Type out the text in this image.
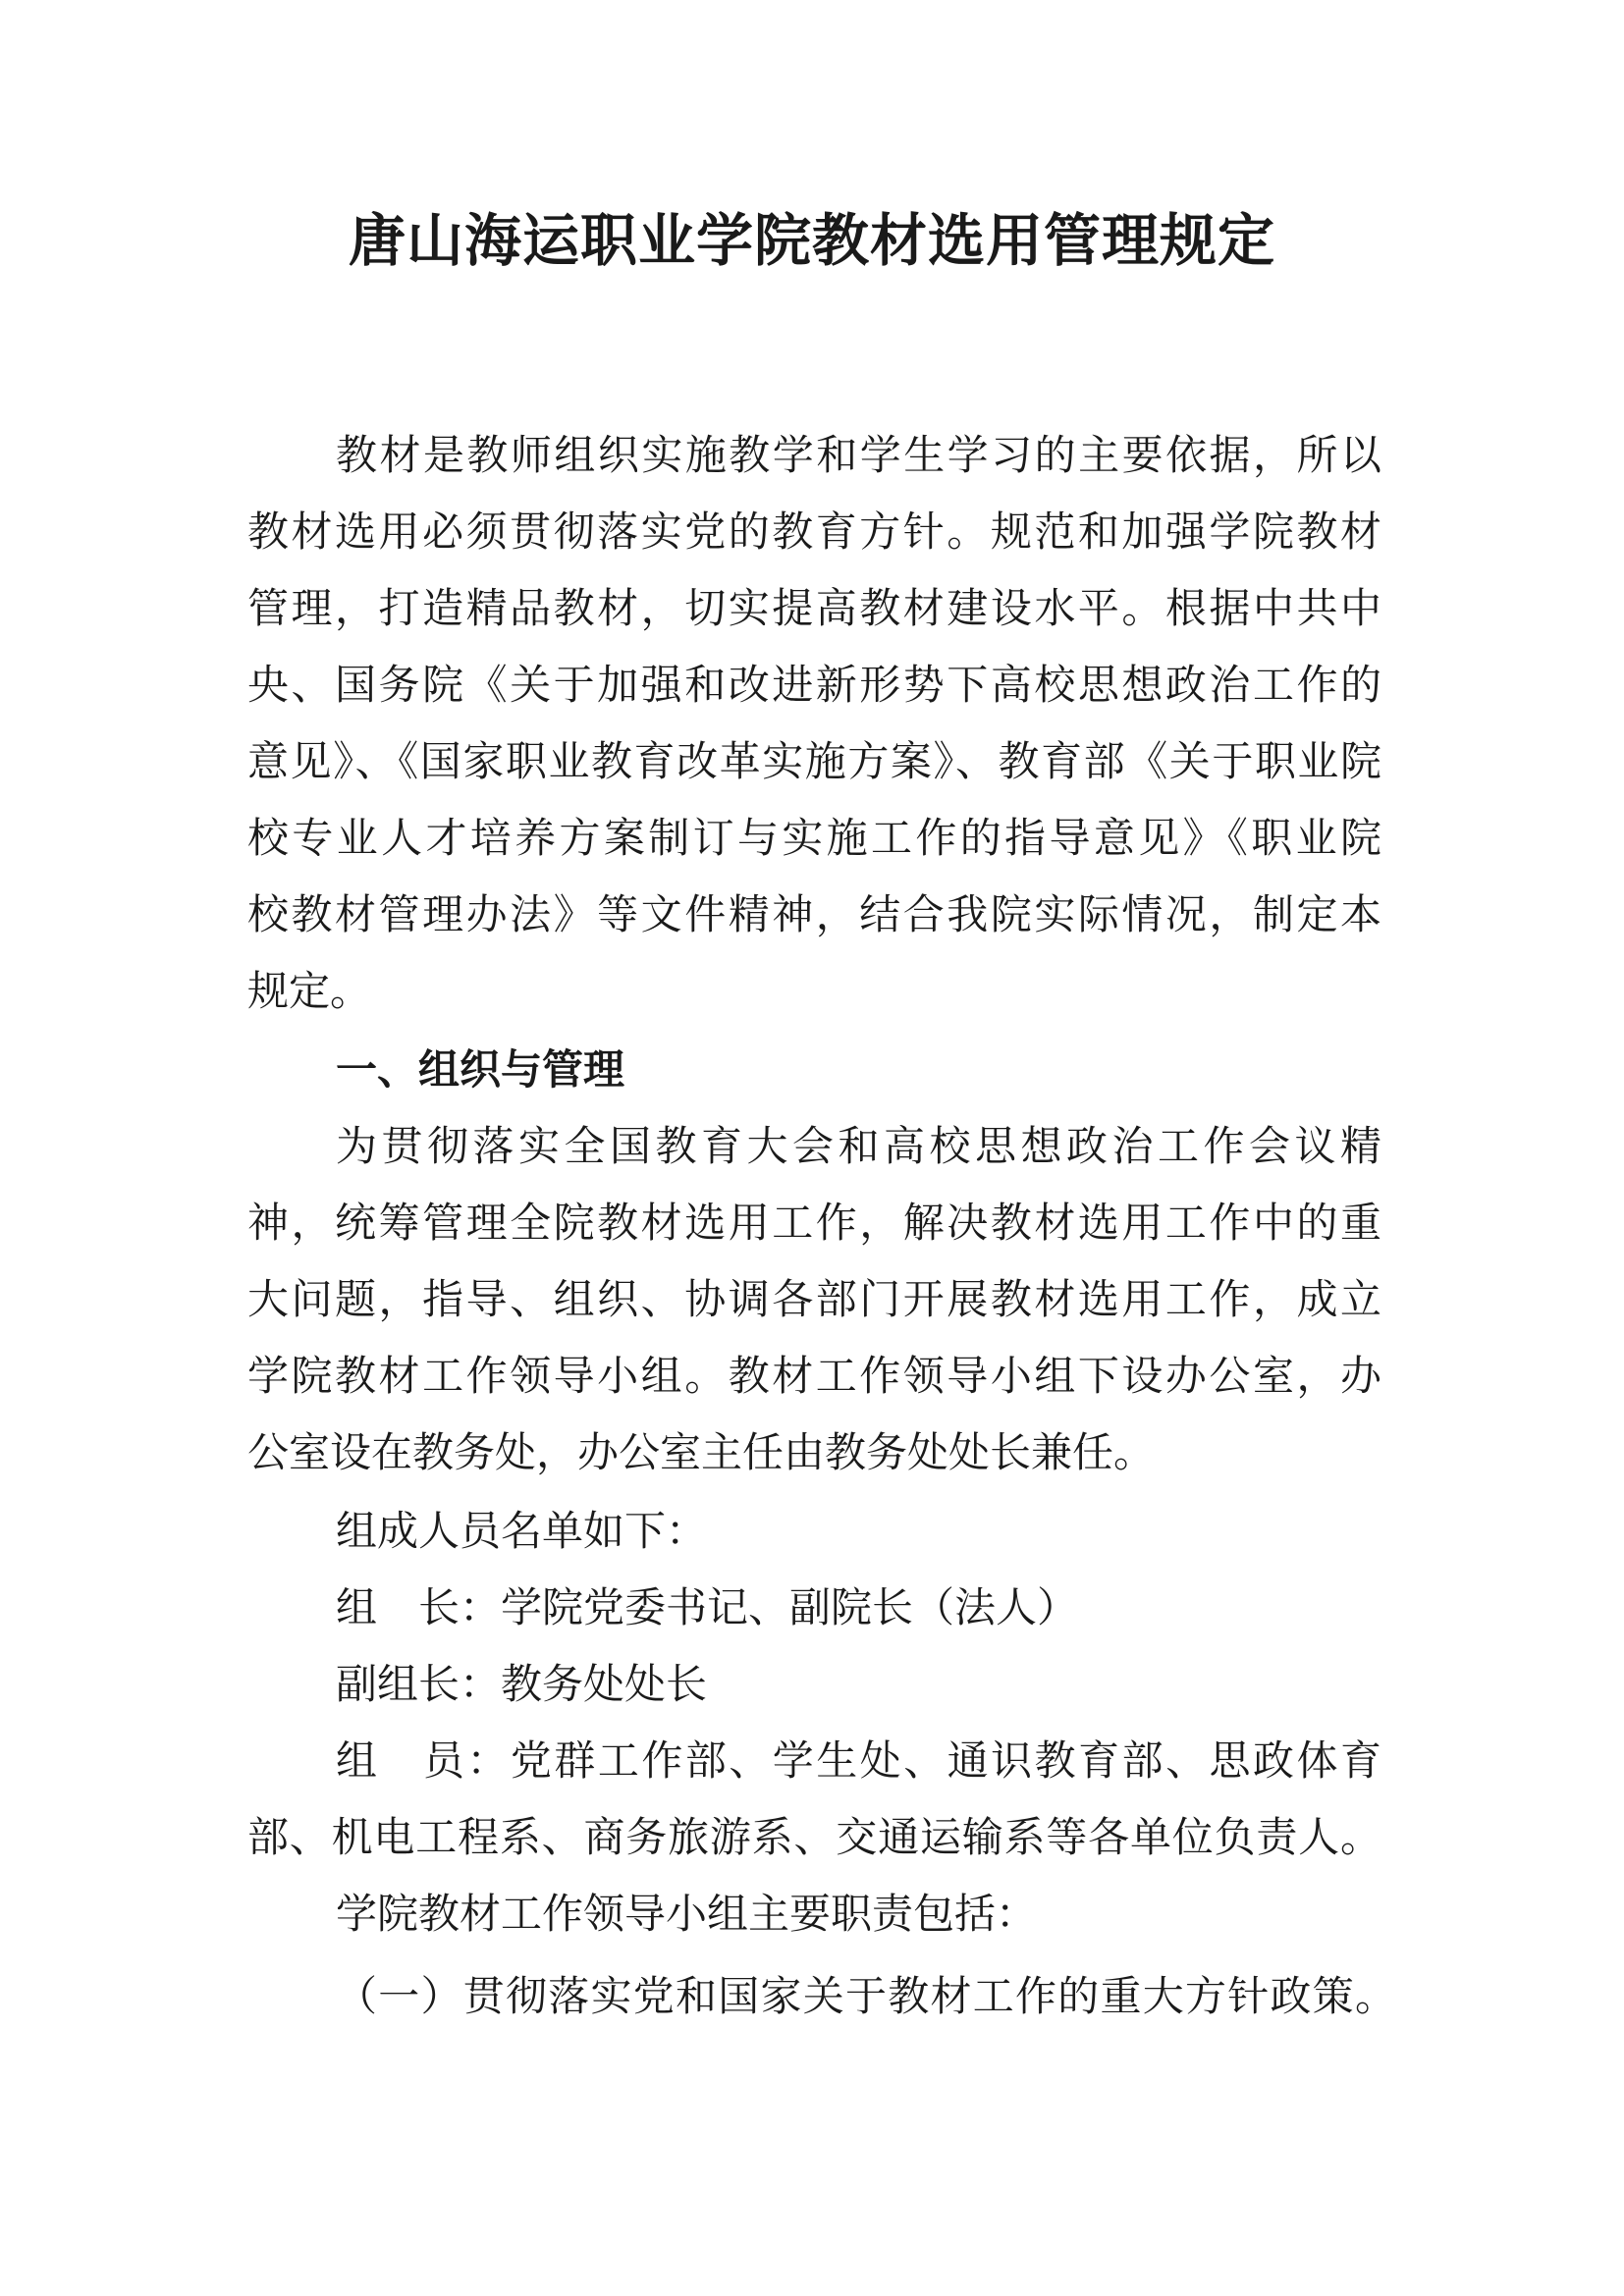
唐山海运职业学院教材选用管理规定
教材是教师组织实施教学和学生学习的主要依据，所以
教材选用必须贯彻落实党的教育方针。规范和加强学院教材
管理，打造精品教材，切实提高教材建设水平。根据中共中
央、国务院《关于加强和改进新形势下高校思想政治工作的
意见》、《国家职业教育改革实施方案》、教育部《关于职业院
校专业人才培养方案制订与实施工作的指导意见》《职业院
校教材管理办法》等文件精神，结合我院实际情况，制定本
规定。
一、组织与管理
为贯彻落实全国教育大会和高校思想政治工作会议精
神，统筹管理全院教材选用工作，解决教材选用工作中的重
大问题，指导、组织、协调各部门开展教材选用工作，成立
学院教材工作领导小组。教材工作领导小组下设办公室，办
公室设在教务处，办公室主任由教务处处长兼任。
组成人员名单如下：
组　长：学院党委书记、副院长（法人）
副组长：教务处处长
组　员：党群工作部、学生处、通识教育部、思政体育
部、机电工程系、商务旅游系、交通运输系等各单位负责人。
学院教材工作领导小组主要职责包括：
（一）贯彻落实党和国家关于教材工作的重大方针政策。
